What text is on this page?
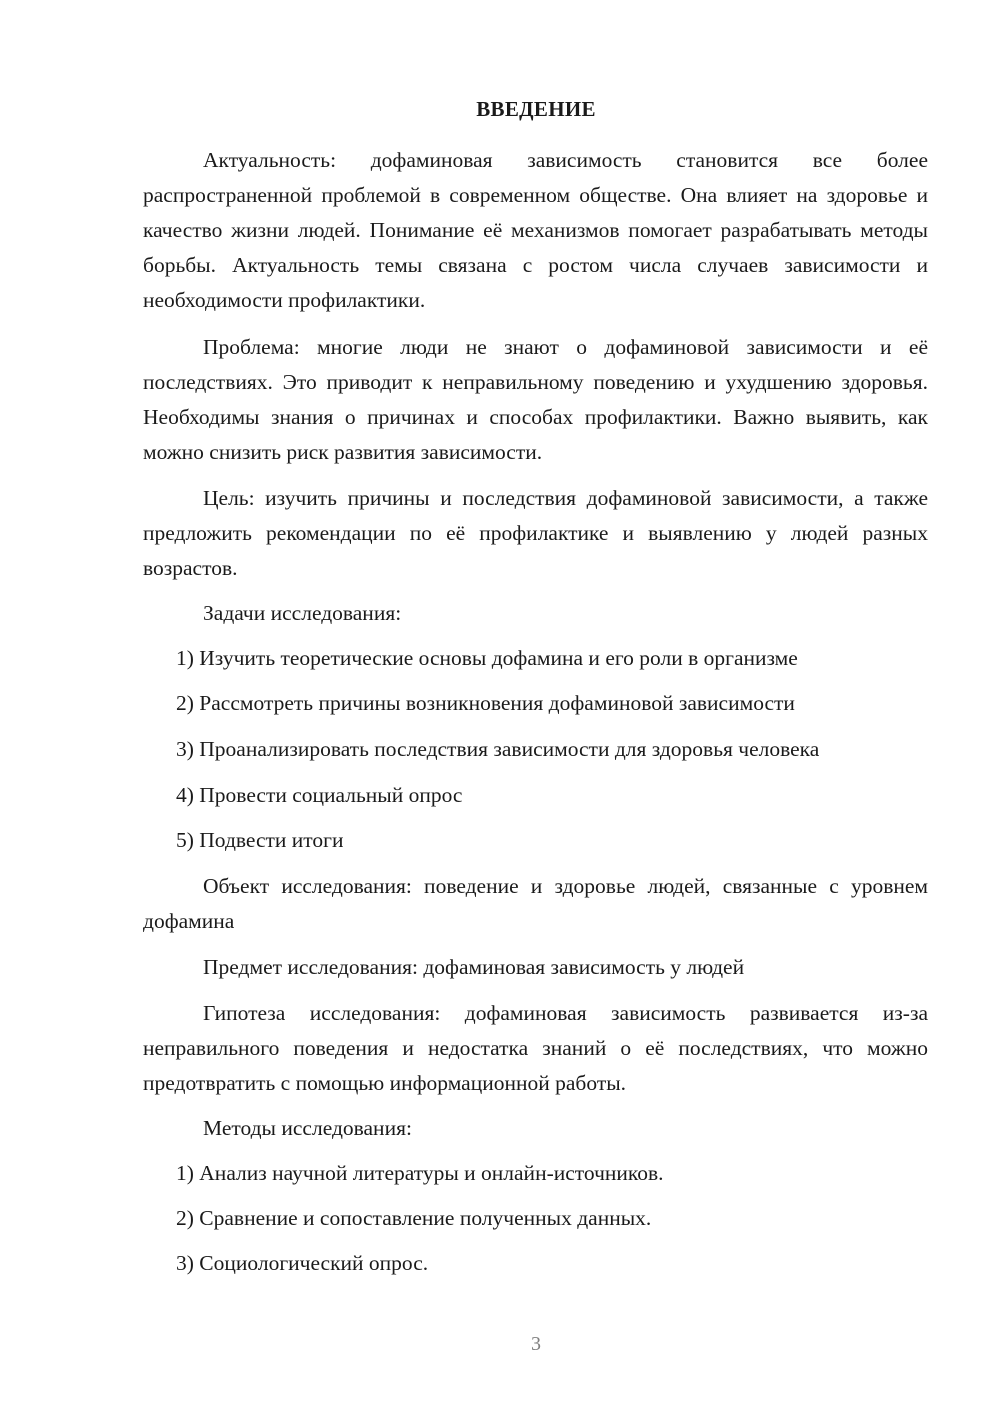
ВВЕДЕНИЕ

Актуальность: дофаминовая зависимость становится все более распространенной проблемой в современном обществе. Она влияет на здоровье и качество жизни людей. Понимание её механизмов помогает разрабатывать методы борьбы. Актуальность темы связана с ростом числа случаев зависимости и необходимости профилактики.

Проблема: многие люди не знают о дофаминовой зависимости и её последствиях. Это приводит к неправильному поведению и ухудшению здоровья. Необходимы знания о причинах и способах профилактики. Важно выявить, как можно снизить риск развития зависимости.

Цель: изучить причины и последствия дофаминовой зависимости, а также предложить рекомендации по её профилактике и выявлению у людей разных возрастов.

Задачи исследования:
1) Изучить теоретические основы дофамина и его роли в организме
2) Рассмотреть причины возникновения дофаминовой зависимости
3) Проанализировать последствия зависимости для здоровья человека
4) Провести социальный опрос
5) Подвести итоги

Объект исследования: поведение и здоровье людей, связанные с уровнем дофамина

Предмет исследования: дофаминовая зависимость у людей

Гипотеза исследования: дофаминовая зависимость развивается из-за неправильного поведения и недостатка знаний о её последствиях, что можно предотвратить с помощью информационной работы.

Методы исследования:
1) Анализ научной литературы и онлайн-источников.
2) Сравнение и сопоставление полученных данных.
3) Социологический опрос.
3
